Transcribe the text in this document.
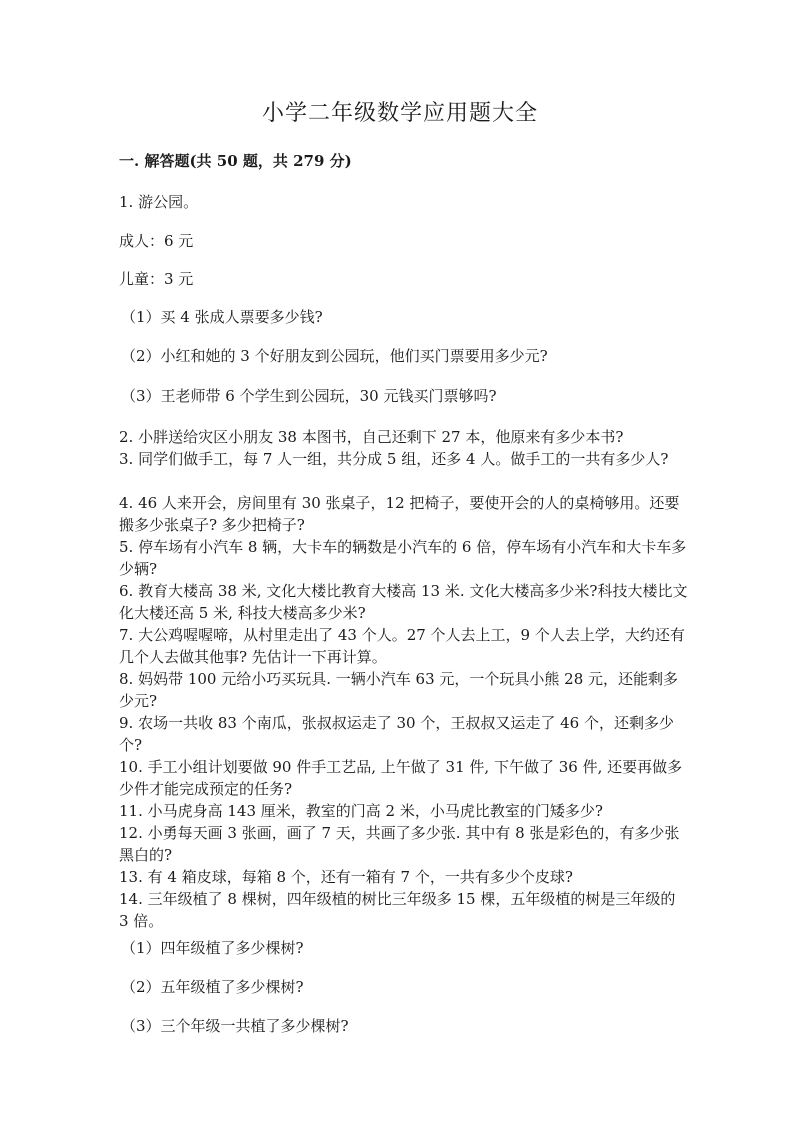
小学二年级数学应用题大全
一. 解答题(共 50 题，共 279 分)
1. 游公园。
成人：6 元
儿童：3 元
（1）买 4 张成人票要多少钱?
（2）小红和她的 3 个好朋友到公园玩，他们买门票要用多少元?
（3）王老师带 6 个学生到公园玩，30 元钱买门票够吗?
2. 小胖送给灾区小朋友 38 本图书，自己还剩下 27 本，他原来有多少本书?
3. 同学们做手工，每 7 人一组，共分成 5 组，还多 4 人。做手工的一共有多少人?
4. 46 人来开会，房间里有 30 张桌子，12 把椅子，要使开会的人的桌椅够用。还要搬多少张桌子? 多少把椅子?
5. 停车场有小汽车 8 辆，大卡车的辆数是小汽车的 6 倍，停车场有小汽车和大卡车多少辆?
6. 教育大楼高 38 米, 文化大楼比教育大楼高 13 米. 文化大楼高多少米?科技大楼比文化大楼还高 5 米, 科技大楼高多少米?
7. 大公鸡喔喔啼，从村里走出了 43 个人。27 个人去上工，9 个人去上学，大约还有几个人去做其他事? 先估计一下再计算。
8. 妈妈带 100 元给小巧买玩具. 一辆小汽车 63 元，一个玩具小熊 28 元，还能剩多少元?
9. 农场一共收 83 个南瓜，张叔叔运走了 30 个，王叔叔又运走了 46 个，还剩多少个?
10. 手工小组计划要做 90 件手工艺品, 上午做了 31 件, 下午做了 36 件, 还要再做多少件才能完成预定的任务?
11. 小马虎身高 143 厘米，教室的门高 2 米，小马虎比教室的门矮多少?
12. 小勇每天画 3 张画，画了 7 天，共画了多少张. 其中有 8 张是彩色的，有多少张黑白的?
13. 有 4 箱皮球，每箱 8 个，还有一箱有 7 个，一共有多少个皮球?
14. 三年级植了 8 棵树，四年级植的树比三年级多 15 棵，五年级植的树是三年级的 3 倍。
（1）四年级植了多少棵树?
（2）五年级植了多少棵树?
（3）三个年级一共植了多少棵树?
